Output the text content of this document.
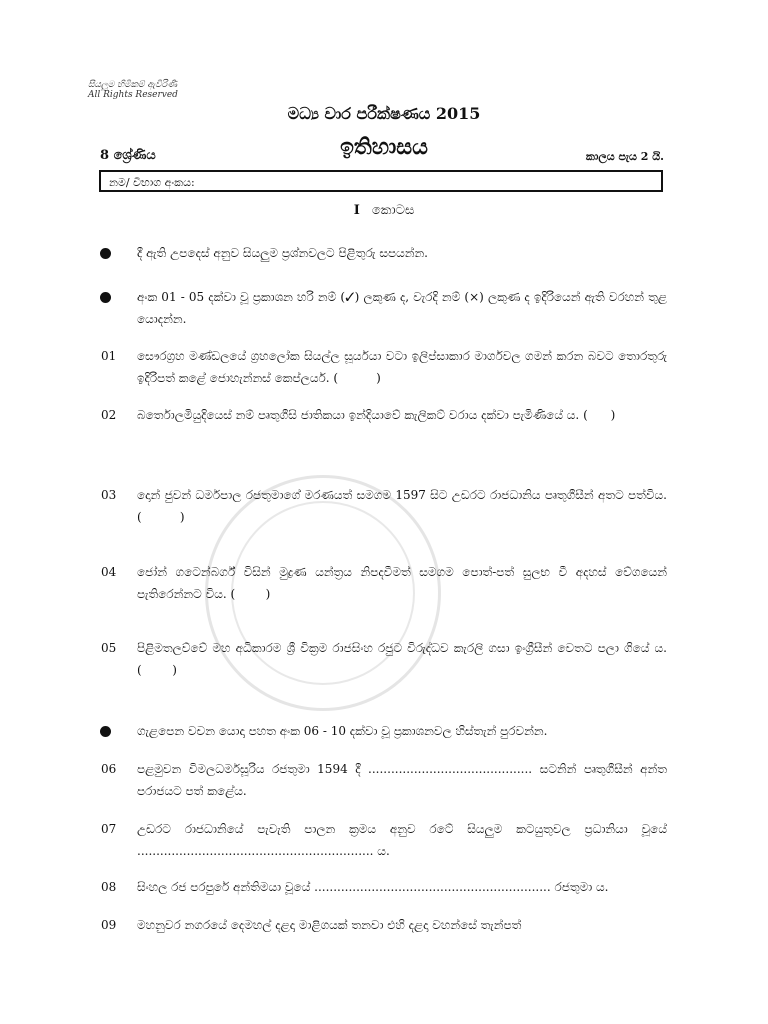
සියලුම හිමිකම් ඇවිරිණි
All Rights Reserved
මධ්‍ය වාර පරීක්ෂණය 2015
ඉතිහාසය
8 ශ්‍රේණිය	කාලය පැය 2 යි.
නම/ විභාග අංකය:
I කොටස
දී ඇති උපදෙස් අනුව සියලුම ප්‍රශ්නවලට පිළිතුරු සපයන්න.
අංක 01 - 05 දක්වා වූ ප්‍රකාශන හරි නම් (✓) ලකුණ ද, වැරදි නම් (×) ලකුණ ද ඉදිරියෙන් ඇති වරහන් තුළ යොදන්න.
01 සෞරග්‍රහ මණ්ඩලයේ ග්‍රහලෝක සියල්ල සූර්යයා වටා ඉලිප්සාකාර මාර්ගවල ගමන් කරන බවට තොරතුරු ඉදිරිපත් කළේ ජොහැන්නස් කෙප්ලර්ය. (          )
02 බර්තොලමියුදියෙස් නම් පෘතුගීසි ජාතිකයා ඉන්දියාවේ කැලිකට් වරාය දක්වා පැමිණියේ ය. (      )
03 දොන් ජුවන් ධර්මපාල රජතුමාගේ මරණයත් සමගම 1597 සිට උඩරට රාජධානිය පෘතුගීසීන් අතට පත්විය. (          )
04 ජෝන් ගටෙන්බර්ග් විසින් මුද්‍රණ යන්ත්‍රය නිපදවීමත් සමගම පොත්-පත් සුලභ වී අදහස් වේගයෙන් පැතිරෙන්නට විය. (        )
05 පිළිමතලව්වේ මහ අධිකාරම ශ්‍රී වික්‍රම රාජසිංහ රජුට විරුද්ධව කැරලි ගසා ඉංග්‍රීසීන් වෙතට පලා ගියේ ය. (        )
ගැළපෙන වචන යොදා පහත අංක 06 - 10 දක්වා වූ ප්‍රකාශනවල හිස්තැන් පුරවන්න.
06 පළමුවන විමලධර්මසූරිය රජතුමා 1594 දී ........................................... සටනින් පෘතුගීසීන් අන්ත පරාජයට පත් කළේය.
07 උඩරට රාජධානියේ පැවැති පාලන ක්‍රමය අනුව රටේ සියලුම කටයුතුවල ප්‍රධානියා වූයේ .............................................................. ය.
08 සිංහල රජ පරපුරේ අන්තිමයා වූයේ .............................................................. රජතුමා ය.
09 මහනුවර නගරයේ දෙමහල් දළදා මාළිගයක් තනවා එහි දළදා වහන්සේ තැන්පත්
